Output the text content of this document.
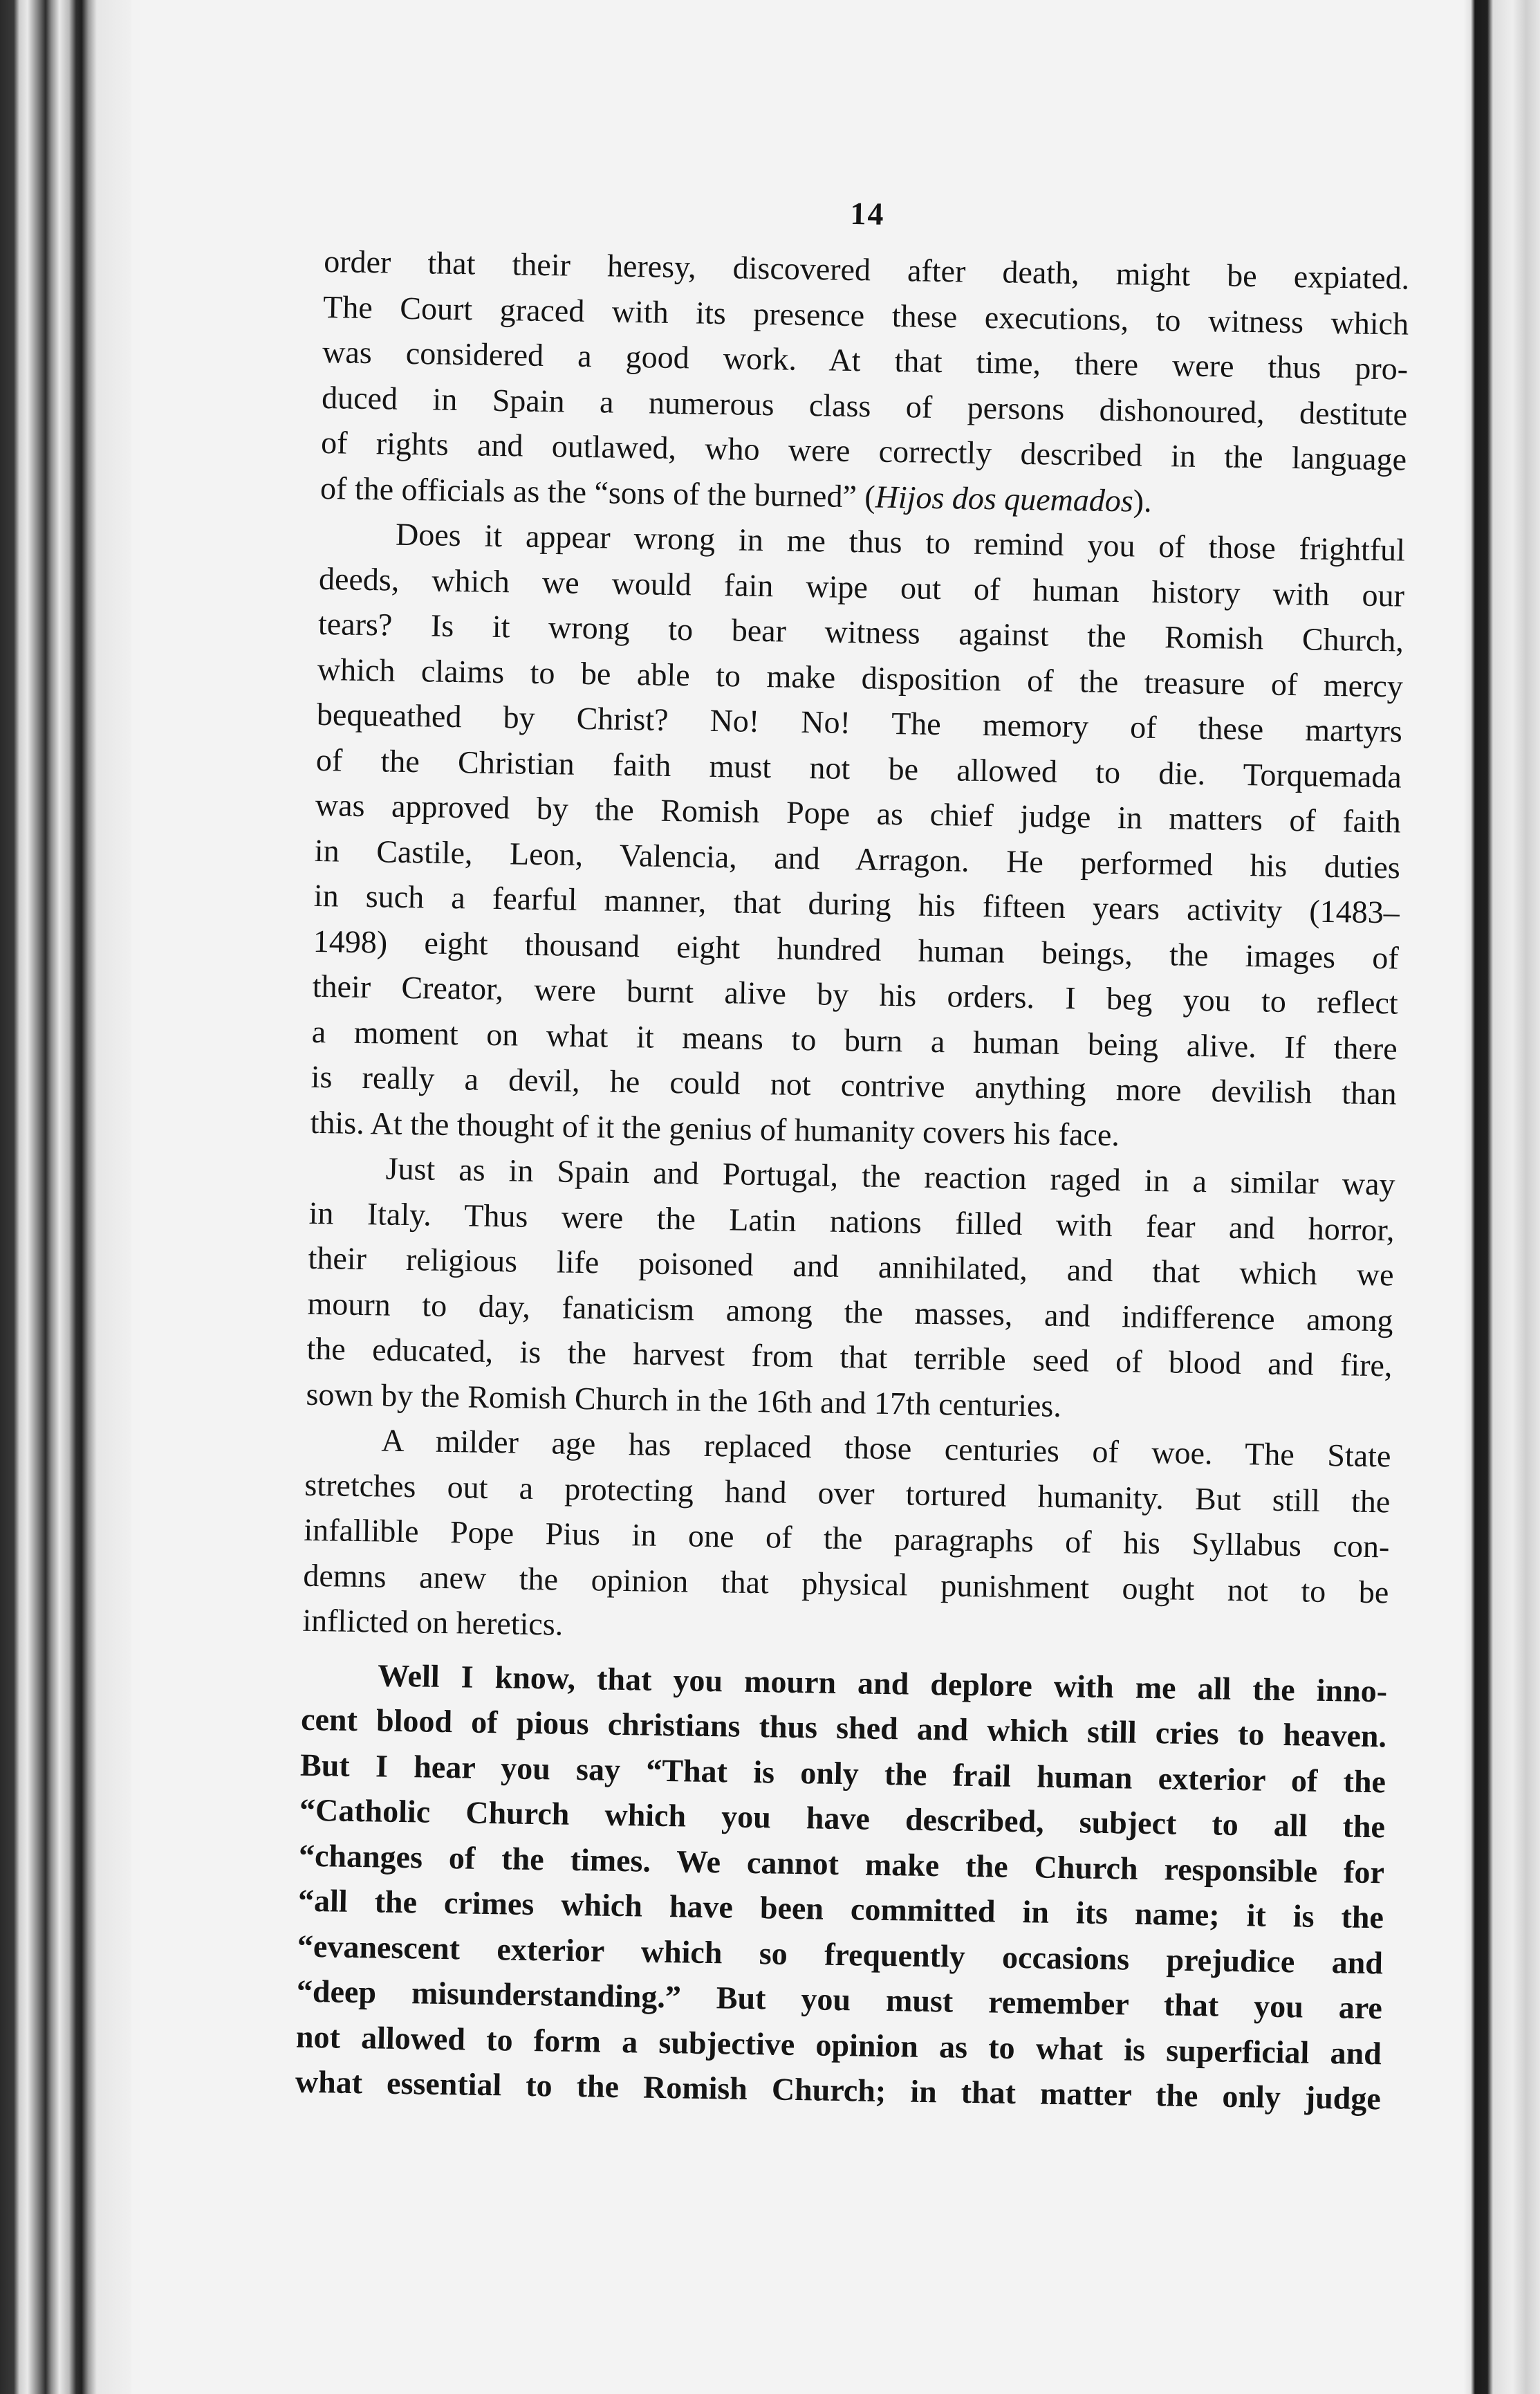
14
order that their heresy, discovered after death, might be expiated.
The Court graced with its presence these executions, to witness which
was considered a good work. At that time, there were thus pro-
duced in Spain a numerous class of persons dishonoured, destitute
of rights and outlawed, who were correctly described in the language
of the officials as the “sons of the burned” (Hijos dos quemados).
Does it appear wrong in me thus to remind you of those frightful
deeds, which we would fain wipe out of human history with our
tears? Is it wrong to bear witness against the Romish Church,
which claims to be able to make disposition of the treasure of mercy
bequeathed by Christ? No! No! The memory of these martyrs
of the Christian faith must not be allowed to die. Torquemada
was approved by the Romish Pope as chief judge in matters of faith
in Castile, Leon, Valencia, and Arragon. He performed his duties
in such a fearful manner, that during his fifteen years activity (1483–
1498) eight thousand eight hundred human beings, the images of
their Creator, were burnt alive by his orders. I beg you to reflect
a moment on what it means to burn a human being alive. If there
is really a devil, he could not contrive anything more devilish than
this. At the thought of it the genius of humanity covers his face.
Just as in Spain and Portugal, the reaction raged in a similar way
in Italy. Thus were the Latin nations filled with fear and horror,
their religious life poisoned and annihilated, and that which we
mourn to day, fanaticism among the masses, and indifference among
the educated, is the harvest from that terrible seed of blood and fire,
sown by the Romish Church in the 16th and 17th centuries.
A milder age has replaced those centuries of woe. The State
stretches out a protecting hand over tortured humanity. But still the
infallible Pope Pius in one of the paragraphs of his Syllabus con-
demns anew the opinion that physical punishment ought not to be
inflicted on heretics.
Well I know, that you mourn and deplore with me all the inno-
cent blood of pious christians thus shed and which still cries to heaven.
But I hear you say “That is only the frail human exterior of the
“Catholic Church which you have described, subject to all the
“changes of the times. We cannot make the Church responsible for
“all the crimes which have been committed in its name; it is the
“evanescent exterior which so frequently occasions prejudice and
“deep misunderstanding.” But you must remember that you are
not allowed to form a subjective opinion as to what is superficial and
what essential to the Romish Church; in that matter the only judge
